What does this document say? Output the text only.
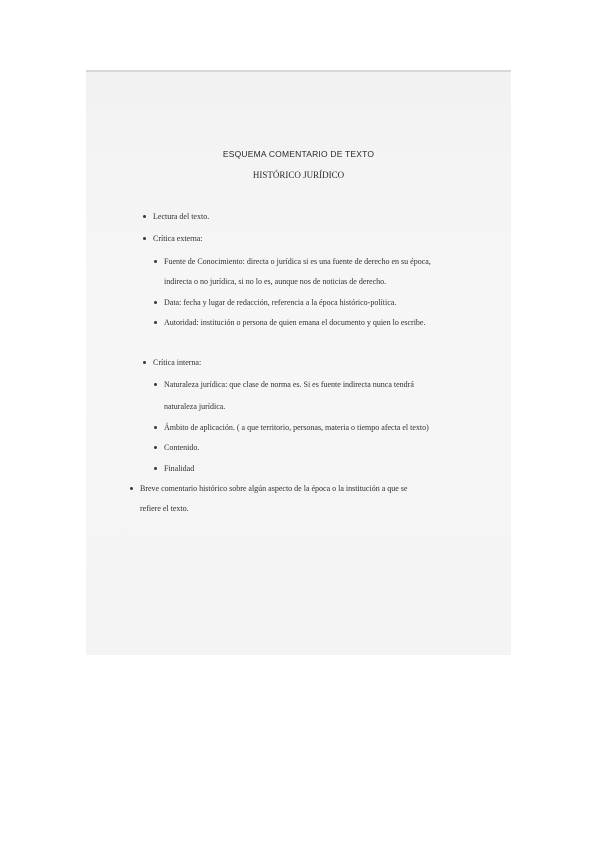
ESQUEMA COMENTARIO DE TEXTO
HISTÓRICO JURÍDICO
Lectura del texto.
Crítica externa:
Fuente de Conocimiento: directa o jurídica si es una fuente de derecho en su época,
indirecta o no jurídica, si no lo es, aunque nos de noticias de derecho.
Data: fecha y lugar de redacción, referencia a la época histórico-política.
Autoridad: institución o persona de quien emana el documento y quien lo escribe.
Crítica interna:
Naturaleza jurídica: que clase de norma es. Si es fuente indirecta nunca tendrá
naturaleza jurídica.
Ámbito de aplicación. ( a que territorio, personas, materia o tiempo afecta el texto)
Contenido.
Finalidad
Breve comentario histórico sobre algún aspecto de la época o la institución a que se
refiere el texto.
